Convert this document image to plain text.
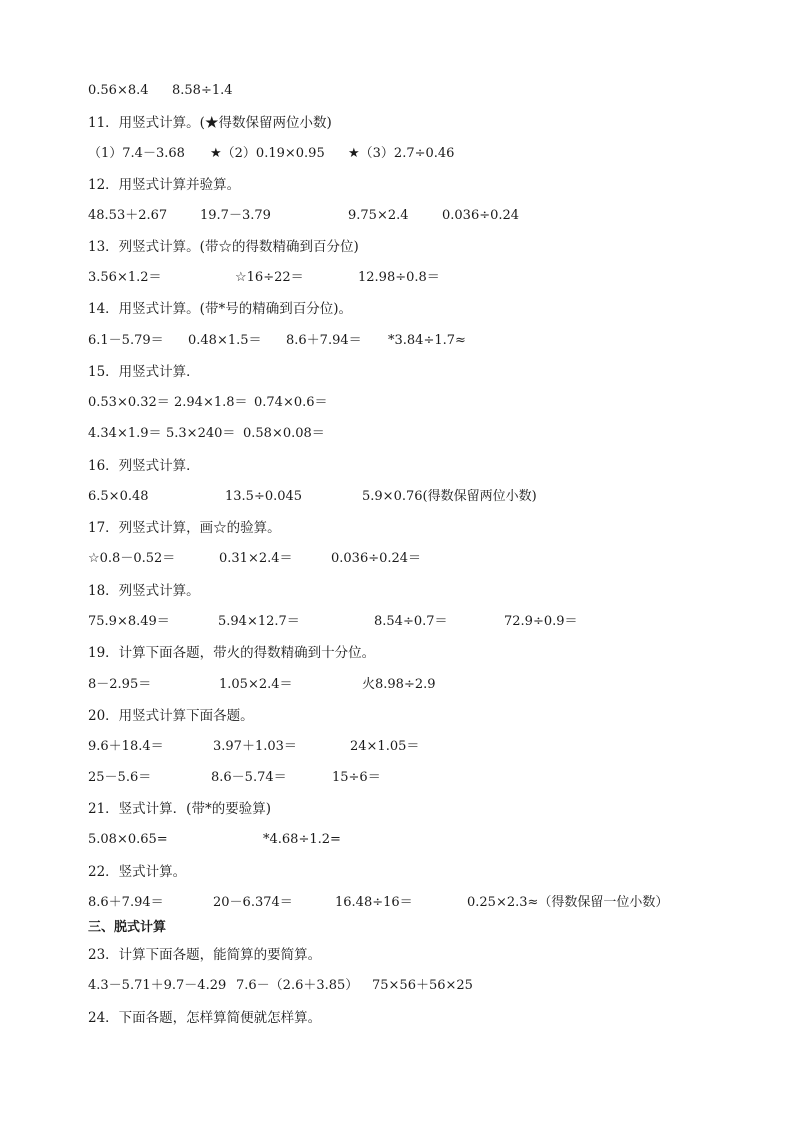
0.56×8.4 8.58÷1.4
11．用竖式计算。(★得数保留两位小数)
（1）7.4－3.68 ★（2）0.19×0.95 ★（3）2.7÷0.46
12．用竖式计算并验算。
48.53＋2.67	19.7－3.79	9.75×2.4	0.036÷0.24
13．列竖式计算。(带☆的得数精确到百分位)
3.56×1.2＝	☆16÷22＝	12.98÷0.8＝
14．用竖式计算。(带*号的精确到百分位)。
6.1－5.79＝ 0.48×1.5＝ 8.6＋7.94＝ *3.84÷1.7≈
15．用竖式计算．
0.53×0.32＝ 2.94×1.8＝ 0.74×0.6＝
4.34×1.9＝ 5.3×240＝ 0.58×0.08＝
16．列竖式计算．
6.5×0.48	13.5÷0.045	5.9×0.76(得数保留两位小数)
17．列竖式计算，画☆的验算。
☆0.8－0.52＝	0.31×2.4＝	0.036÷0.24＝
18．列竖式计算。
75.9×8.49＝	5.94×12.7＝	8.54÷0.7＝	72.9÷0.9＝
19．计算下面各题，带火的得数精确到十分位。
8－2.95＝	1.05×2.4＝	火8.98÷2.9
20．用竖式计算下面各题。
9.6＋18.4＝	3.97＋1.03＝	24×1.05＝
25－5.6＝	8.6－5.74＝	15÷6＝
21．竖式计算．(带*的要验算)
5.08×0.65=	*4.68÷1.2=
22．竖式计算。
8.6＋7.94＝	20－6.374＝	16.48÷16＝	0.25×2.3≈（得数保留一位小数）
三、脱式计算
23．计算下面各题，能简算的要简算。
4.3－5.71＋9.7－4.29 7.6－（2.6＋3.85） 75×56＋56×25
24．下面各题，怎样算简便就怎样算。
